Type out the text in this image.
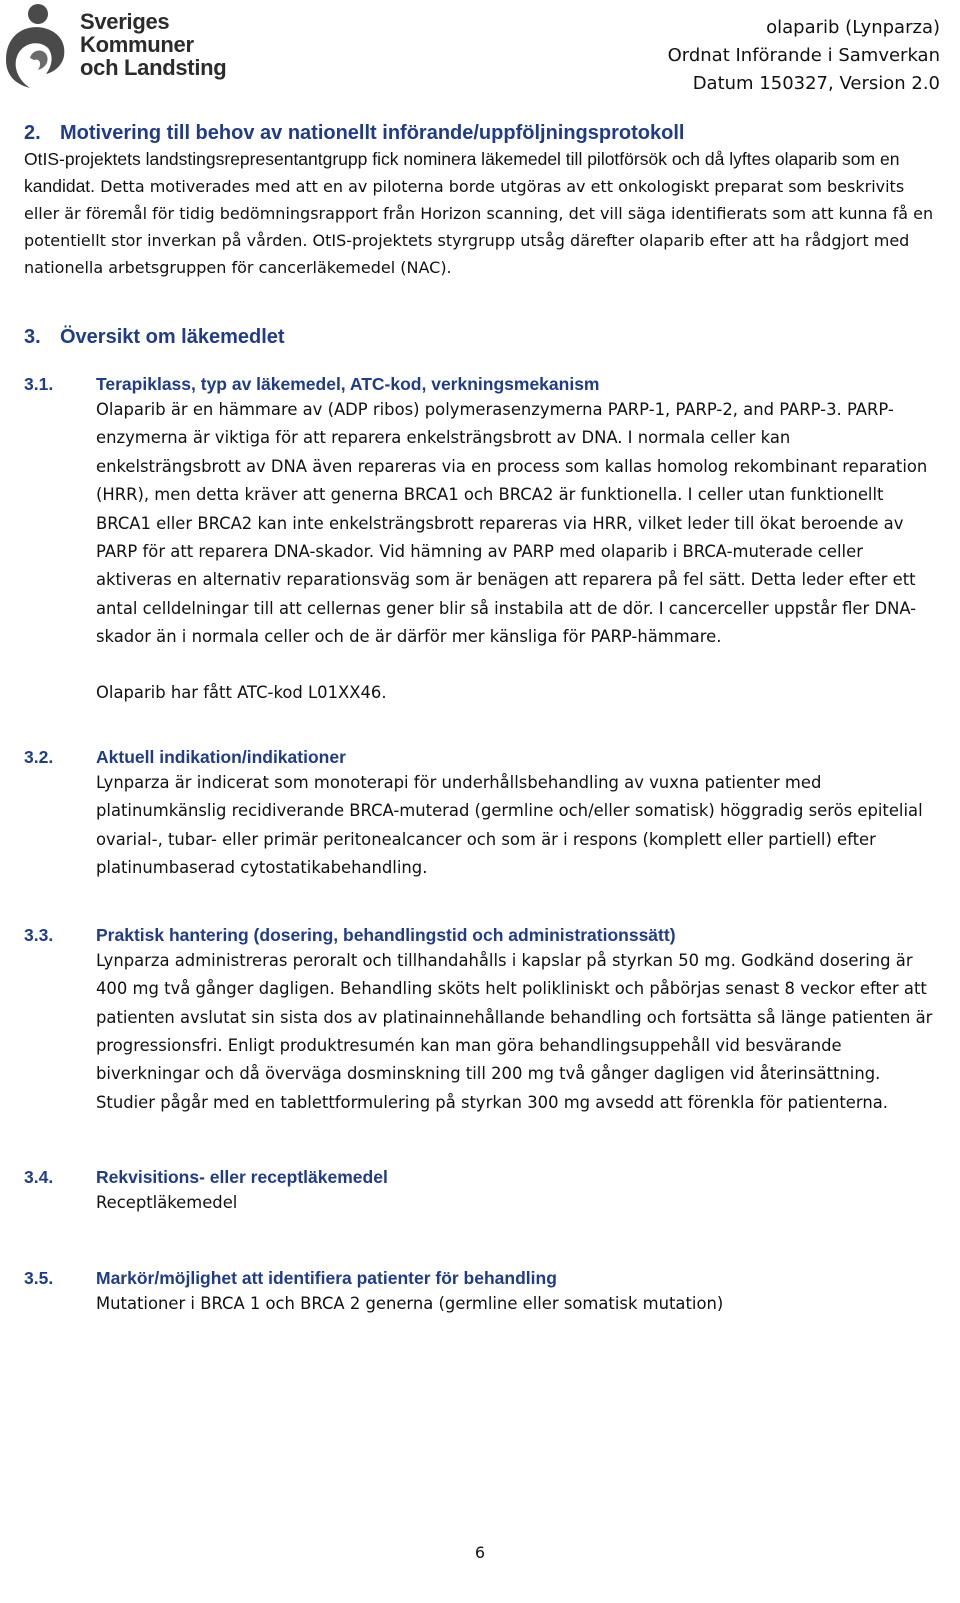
Sveriges
Kommuner
och Landsting
olaparib (Lynparza)
Ordnat Införande i Samverkan
Datum 150327, Version 2.0
2. Motivering till behov av nationellt införande/uppföljningsprotokoll

OtIS-projektets landstingsrepresentantgrupp fick nominera läkemedel till pilotförsök och då lyftes olaparib som en kandidat. Detta motiverades med att en av piloterna borde utgöras av ett onkologiskt preparat som beskrivits eller är föremål för tidig bedömningsrapport från Horizon scanning, det vill säga identifierats som att kunna få en potentiellt stor inverkan på vården. OtIS-projektets styrgrupp utsåg därefter olaparib efter att ha rådgjort med nationella arbetsgruppen för cancerläkemedel (NAC).

3. Översikt om läkemedlet
3.1. Terapiklass, typ av läkemedel, ATC-kod, verkningsmekanism

Olaparib är en hämmare av (ADP ribos) polymerasenzymerna PARP-1, PARP-2, and PARP-3. PARP-enzymerna är viktiga för att reparera enkelsträngsbrott av DNA. I normala celler kan enkelsträngsbrott av DNA även repareras via en process som kallas homolog rekombinant reparation (HRR), men detta kräver att generna BRCA1 och BRCA2 är funktionella. I celler utan funktionellt BRCA1 eller BRCA2 kan inte enkelsträngsbrott repareras via HRR, vilket leder till ökat beroende av PARP för att reparera DNA-skador. Vid hämning av PARP med olaparib i BRCA-muterade celler aktiveras en alternativ reparationsväg som är benägen att reparera på fel sätt. Detta leder efter ett antal celldelningar till att cellernas gener blir så instabila att de dör. I cancerceller uppstår fler DNA-skador än i normala celler och de är därför mer känsliga för PARP-hämmare.

Olaparib har fått ATC-kod L01XX46.

3.2. Aktuell indikation/indikationer

Lynparza är indicerat som monoterapi för underhållsbehandling av vuxna patienter med platinumkänslig recidiverande BRCA-muterad (germline och/eller somatisk) höggradig serös epitelial ovarial-, tubar- eller primär peritonealcancer och som är i respons (komplett eller partiell) efter platinumbaserad cytostatikabehandling.

3.3. Praktisk hantering (dosering, behandlingstid och administrationssätt)

Lynparza administreras peroralt och tillhandahålls i kapslar på styrkan 50 mg. Godkänd dosering är 400 mg två gånger dagligen. Behandling sköts helt polikliniskt och påbörjas senast 8 veckor efter att patienten avslutat sin sista dos av platinainnehållande behandling och fortsätta så länge patienten är progressionsfri. Enligt produktresumén kan man göra behandlingsuppehåll vid besvärande biverkningar och då överväga dosminskning till 200 mg två gånger dagligen vid återinsättning. Studier pågår med en tablettformulering på styrkan 300 mg avsedd att förenkla för patienterna.

3.4. Rekvisitions- eller receptläkemedel

Receptläkemedel

3.5. Markör/möjlighet att identifiera patienter för behandling

Mutationer i BRCA 1 och BRCA 2 generna (germline eller somatisk mutation)

6
